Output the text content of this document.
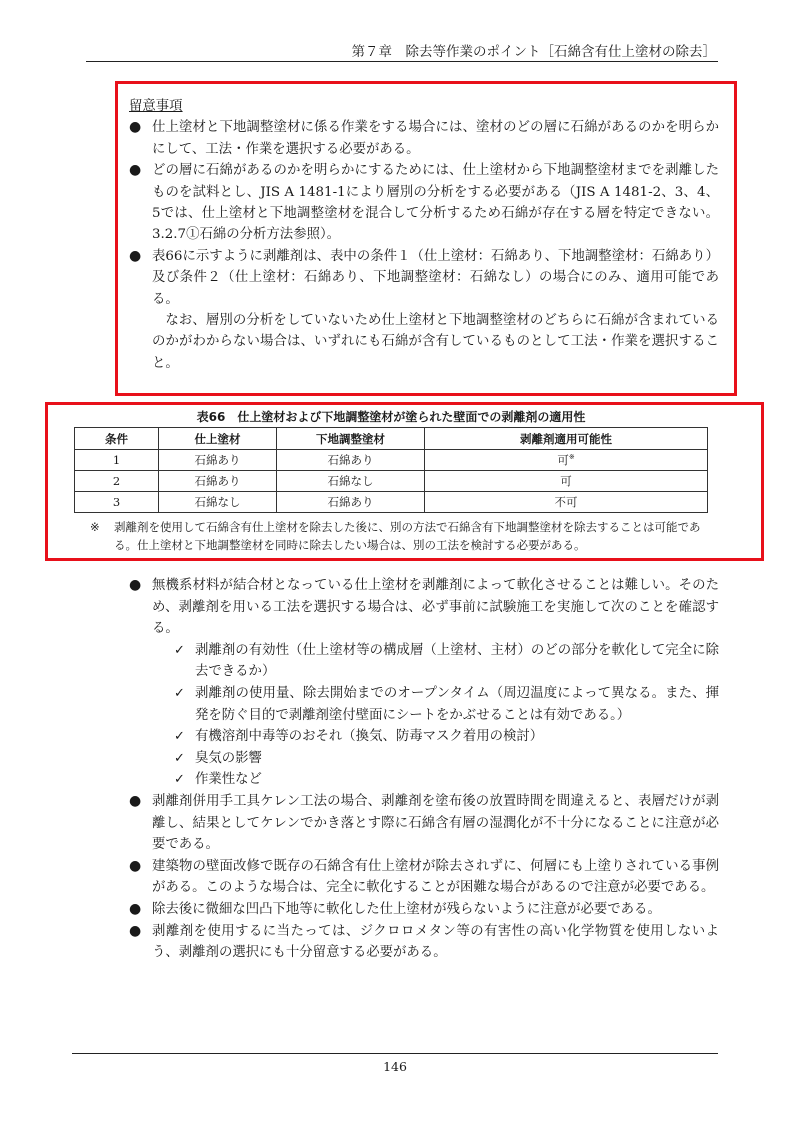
第７章　除去等作業のポイント［石綿含有仕上塗材の除去］
留意事項
● 仕上塗材と下地調整塗材に係る作業をする場合には、塗材のどの層に石綿があるのかを明らかにして、工法・作業を選択する必要がある。
● どの層に石綿があるのかを明らかにするためには、仕上塗材から下地調整塗材までを剥離したものを試料とし、JIS A 1481-1により層別の分析をする必要がある（JIS A 1481-2、3、4、5では、仕上塗材と下地調整塗材を混合して分析するため石綿が存在する層を特定できない。3.2.7①石綿の分析方法参照）。
● 表66に示すように剥離剤は、表中の条件１（仕上塗材：石綿あり、下地調整塗材：石綿あり）及び条件２（仕上塗材：石綿あり、下地調整塗材：石綿なし）の場合にのみ、適用可能である。
なお、層別の分析をしていないため仕上塗材と下地調整塗材のどちらに石綿が含まれているのかがわからない場合は、いずれにも石綿が含有しているものとして工法・作業を選択すること。
表66　仕上塗材および下地調整塗材が塗られた壁面での剥離剤の適用性
条件	仕上塗材	下地調整塗材	剥離剤適用可能性
1	石綿あり	石綿あり	可※
2	石綿あり	石綿なし	可
3	石綿なし	石綿あり	不可
※	剥離剤を使用して石綿含有仕上塗材を除去した後に、別の方法で石綿含有下地調整塗材を除去することは可能である。仕上塗材と下地調整塗材を同時に除去したい場合は、別の工法を検討する必要がある。
● 無機系材料が結合材となっている仕上塗材を剥離剤によって軟化させることは難しい。そのため、剥離剤を用いる工法を選択する場合は、必ず事前に試験施工を実施して次のことを確認する。
✓ 剥離剤の有効性（仕上塗材等の構成層（上塗材、主材）のどの部分を軟化して完全に除去できるか）
✓ 剥離剤の使用量、除去開始までのオープンタイム（周辺温度によって異なる。また、揮発を防ぐ目的で剥離剤塗付壁面にシートをかぶせることは有効である。）
✓ 有機溶剤中毒等のおそれ（換気、防毒マスク着用の検討）
✓ 臭気の影響
✓ 作業性など
● 剥離剤併用手工具ケレン工法の場合、剥離剤を塗布後の放置時間を間違えると、表層だけが剥離し、結果としてケレンでかき落とす際に石綿含有層の湿潤化が不十分になることに注意が必要である。
● 建築物の壁面改修で既存の石綿含有仕上塗材が除去されずに、何層にも上塗りされている事例がある。このような場合は、完全に軟化することが困難な場合があるので注意が必要である。
● 除去後に微細な凹凸下地等に軟化した仕上塗材が残らないように注意が必要である。
● 剥離剤を使用するに当たっては、ジクロロメタン等の有害性の高い化学物質を使用しないよう、剥離剤の選択にも十分留意する必要がある。
146
